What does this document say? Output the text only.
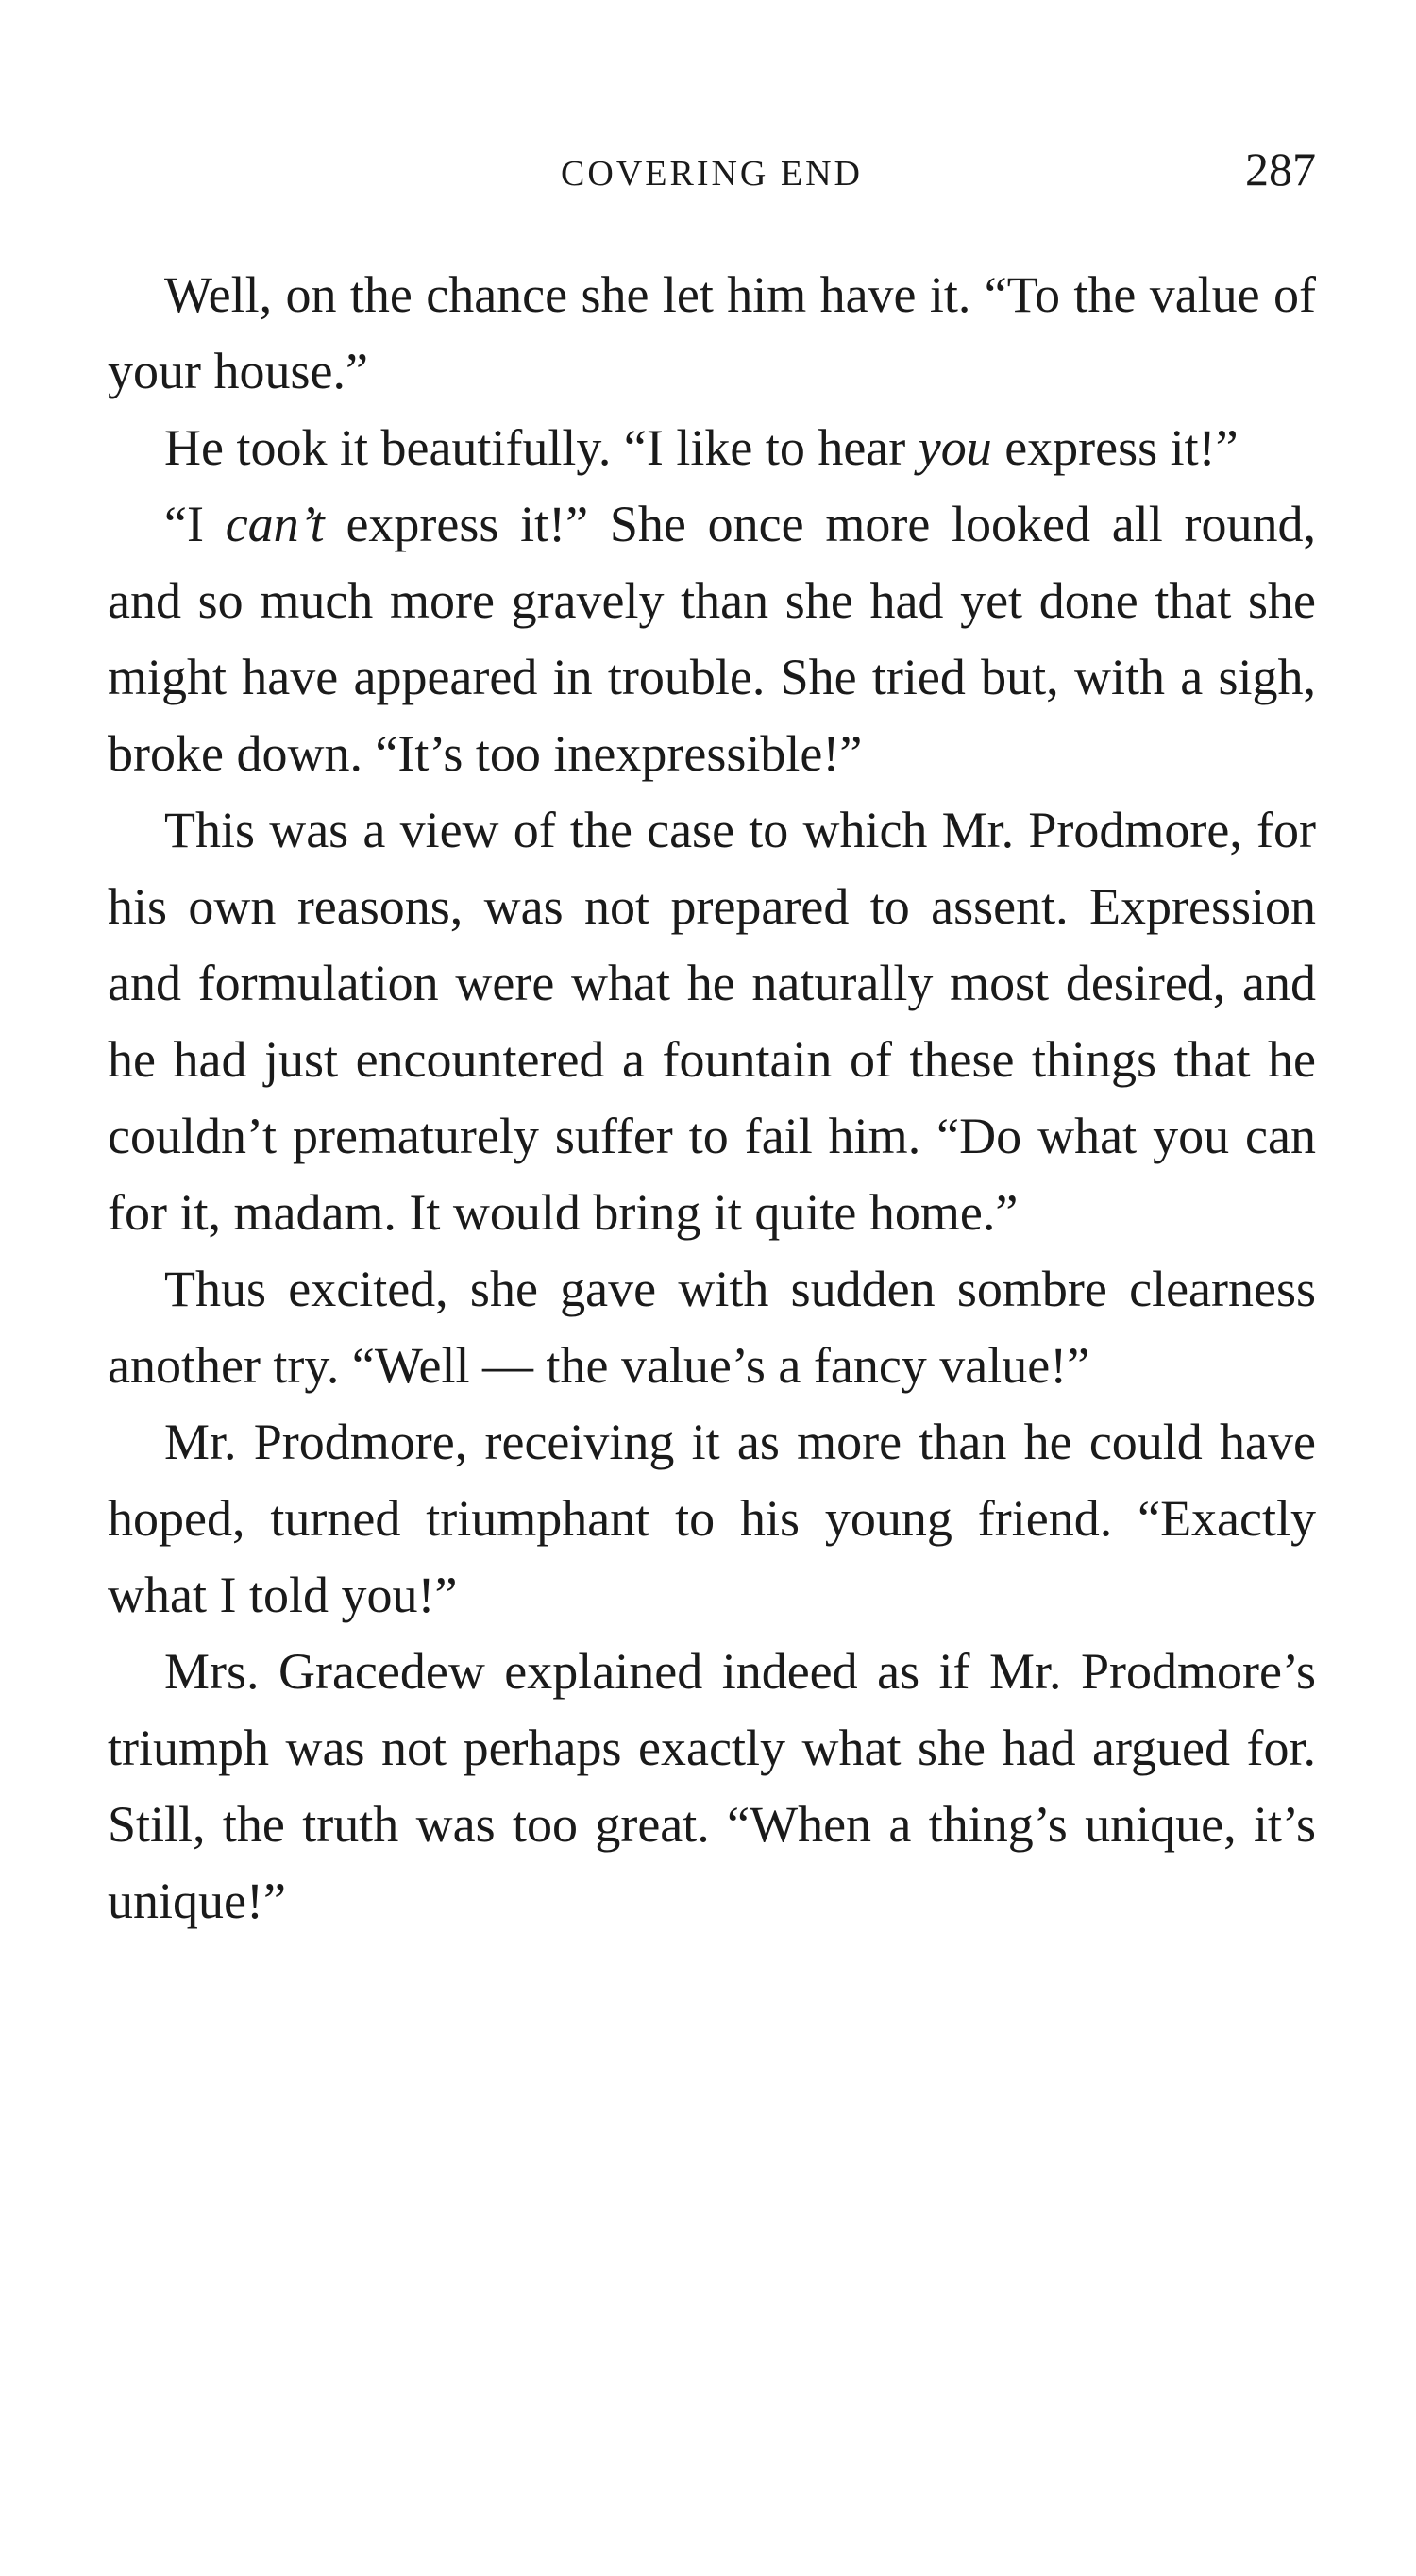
COVERING END	287

Well, on the chance she let him have it. “To the value of your house.”

He took it beautifully. “I like to hear you express it!”

“I can’t express it!” She once more looked all round, and so much more gravely than she had yet done that she might have appeared in trouble. She tried but, with a sigh, broke down. “It’s too inexpressible!”

This was a view of the case to which Mr. Prodmore, for his own reasons, was not prepared to assent. Expression and formulation were what he naturally most desired, and he had just encountered a fountain of these things that he couldn’t prematurely suffer to fail him. “Do what you can for it, madam. It would bring it quite home.”

Thus excited, she gave with sudden sombre clearness another try. “Well — the value’s a fancy value!”

Mr. Prodmore, receiving it as more than he could have hoped, turned triumphant to his young friend. “Exactly what I told you!”

Mrs. Gracedew explained indeed as if Mr. Prodmore’s triumph was not perhaps exactly what she had argued for. Still, the truth was too great. “When a thing’s unique, it’s unique!”
